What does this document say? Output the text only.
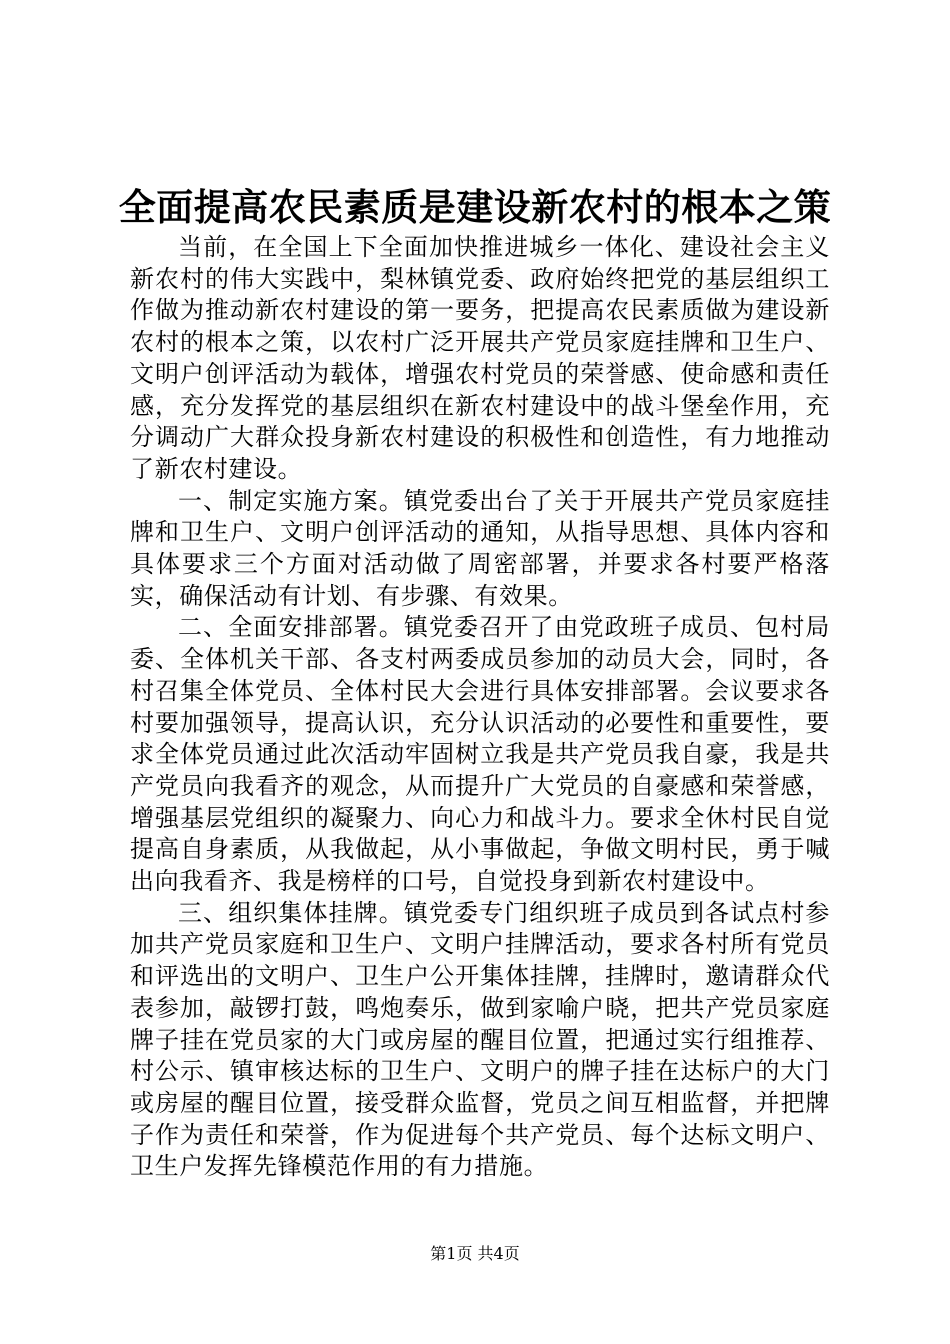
全面提高农民素质是建设新农村的根本之策

当前，在全国上下全面加快推进城乡一体化、建设社会主义新农村的伟大实践中，梨林镇党委、政府始终把党的基层组织工作做为推动新农村建设的第一要务，把提高农民素质做为建设新农村的根本之策，以农村广泛开展共产党员家庭挂牌和卫生户、文明户创评活动为载体，增强农村党员的荣誉感、使命感和责任感，充分发挥党的基层组织在新农村建设中的战斗堡垒作用，充分调动广大群众投身新农村建设的积极性和创造性，有力地推动了新农村建设。

一、制定实施方案。镇党委出台了关于开展共产党员家庭挂牌和卫生户、文明户创评活动的通知，从指导思想、具体内容和具体要求三个方面对活动做了周密部署，并要求各村要严格落实，确保活动有计划、有步骤、有效果。

二、全面安排部署。镇党委召开了由党政班子成员、包村局委、全体机关干部、各支村两委成员参加的动员大会，同时，各村召集全体党员、全体村民大会进行具体安排部署。会议要求各村要加强领导，提高认识，充分认识活动的必要性和重要性，要求全体党员通过此次活动牢固树立我是共产党员我自豪，我是共产党员向我看齐的观念，从而提升广大党员的自豪感和荣誉感，增强基层党组织的凝聚力、向心力和战斗力。要求全休村民自觉提高自身素质，从我做起，从小事做起，争做文明村民，勇于喊出向我看齐、我是榜样的口号，自觉投身到新农村建设中。

三、组织集体挂牌。镇党委专门组织班子成员到各试点村参加共产党员家庭和卫生户、文明户挂牌活动，要求各村所有党员和评选出的文明户、卫生户公开集体挂牌，挂牌时，邀请群众代表参加，敲锣打鼓，鸣炮奏乐，做到家喻户晓，把共产党员家庭牌子挂在党员家的大门或房屋的醒目位置，把通过实行组推荐、村公示、镇审核达标的卫生户、文明户的牌子挂在达标户的大门或房屋的醒目位置，接受群众监督，党员之间互相监督，并把牌子作为责任和荣誉，作为促进每个共产党员、每个达标文明户、卫生户发挥先锋模范作用的有力措施。

第1页 共4页
